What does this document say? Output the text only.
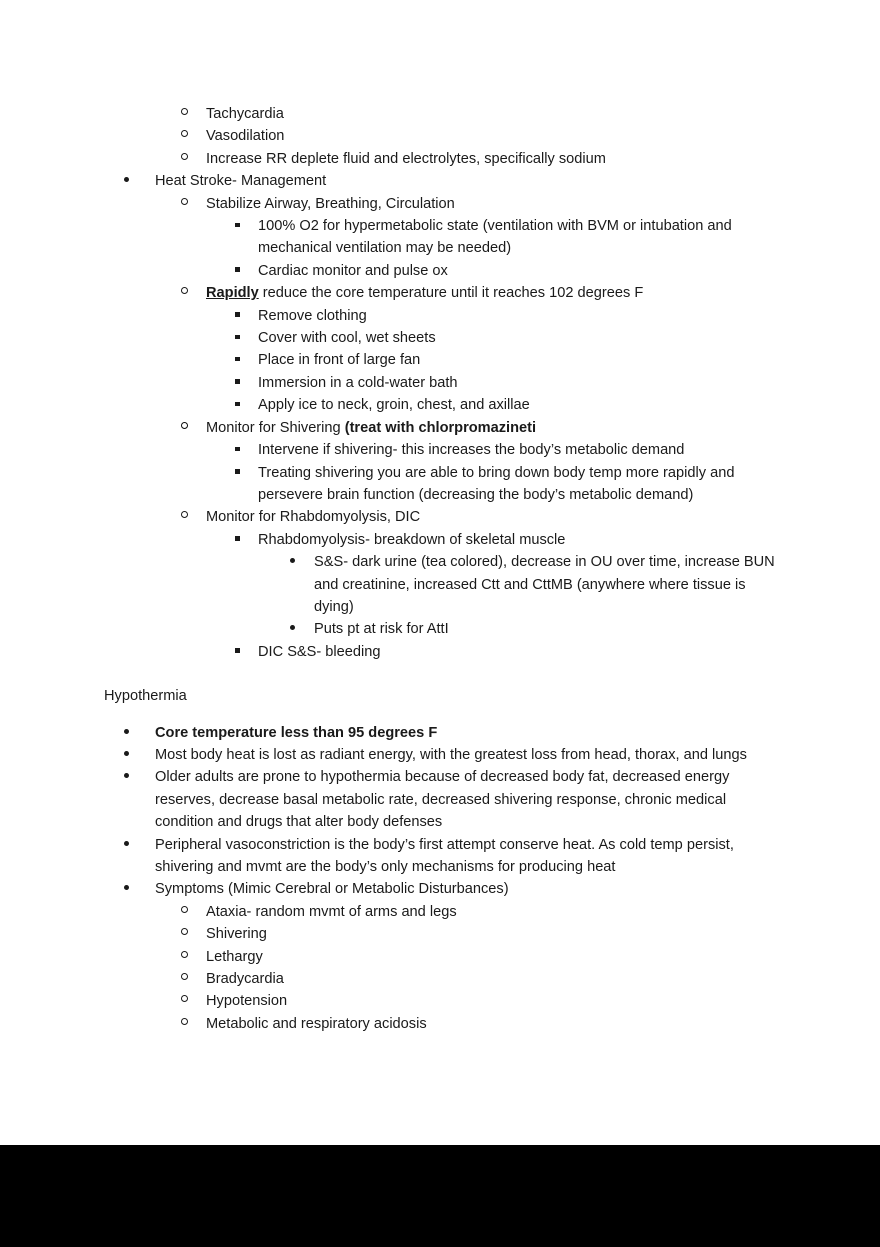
Tachycardia
Vasodilation
Increase RR deplete fluid and electrolytes, specifically sodium
Heat Stroke- Management
Stabilize Airway, Breathing, Circulation
100% O2 for hypermetabolic state (ventilation with BVM or intubation and mechanical ventilation may be needed)
Cardiac monitor and pulse ox
Rapidly reduce the core temperature until it reaches 102 degrees F
Remove clothing
Cover with cool, wet sheets
Place in front of large fan
Immersion in a cold-water bath
Apply ice to neck, groin, chest, and axillae
Monitor for Shivering (treat with chlorpromazineti
Intervene if shivering- this increases the body’s metabolic demand
Treating shivering you are able to bring down body temp more rapidly and persevere brain function (decreasing the body’s metabolic demand)
Monitor for Rhabdomyolysis, DIC
Rhabdomyolysis- breakdown of skeletal muscle
S&S- dark urine (tea colored), decrease in OU over time, increase BUN and creatinine, increased Ctt and CttMB (anywhere where tissue is dying)
Puts pt at risk for AttI
DIC S&S- bleeding
Hypothermia
Core temperature less than 95 degrees F
Most body heat is lost as radiant energy, with the greatest loss from head, thorax, and lungs
Older adults are prone to hypothermia because of decreased body fat, decreased energy reserves, decrease basal metabolic rate, decreased shivering response, chronic medical condition and drugs that alter body defenses
Peripheral vasoconstriction is the body’s first attempt conserve heat. As cold temp persist, shivering and mvmt are the body’s only mechanisms for producing heat
Symptoms (Mimic Cerebral or Metabolic Disturbances)
Ataxia- random mvmt of arms and legs
Shivering
Lethargy
Bradycardia
Hypotension
Metabolic and respiratory acidosis
